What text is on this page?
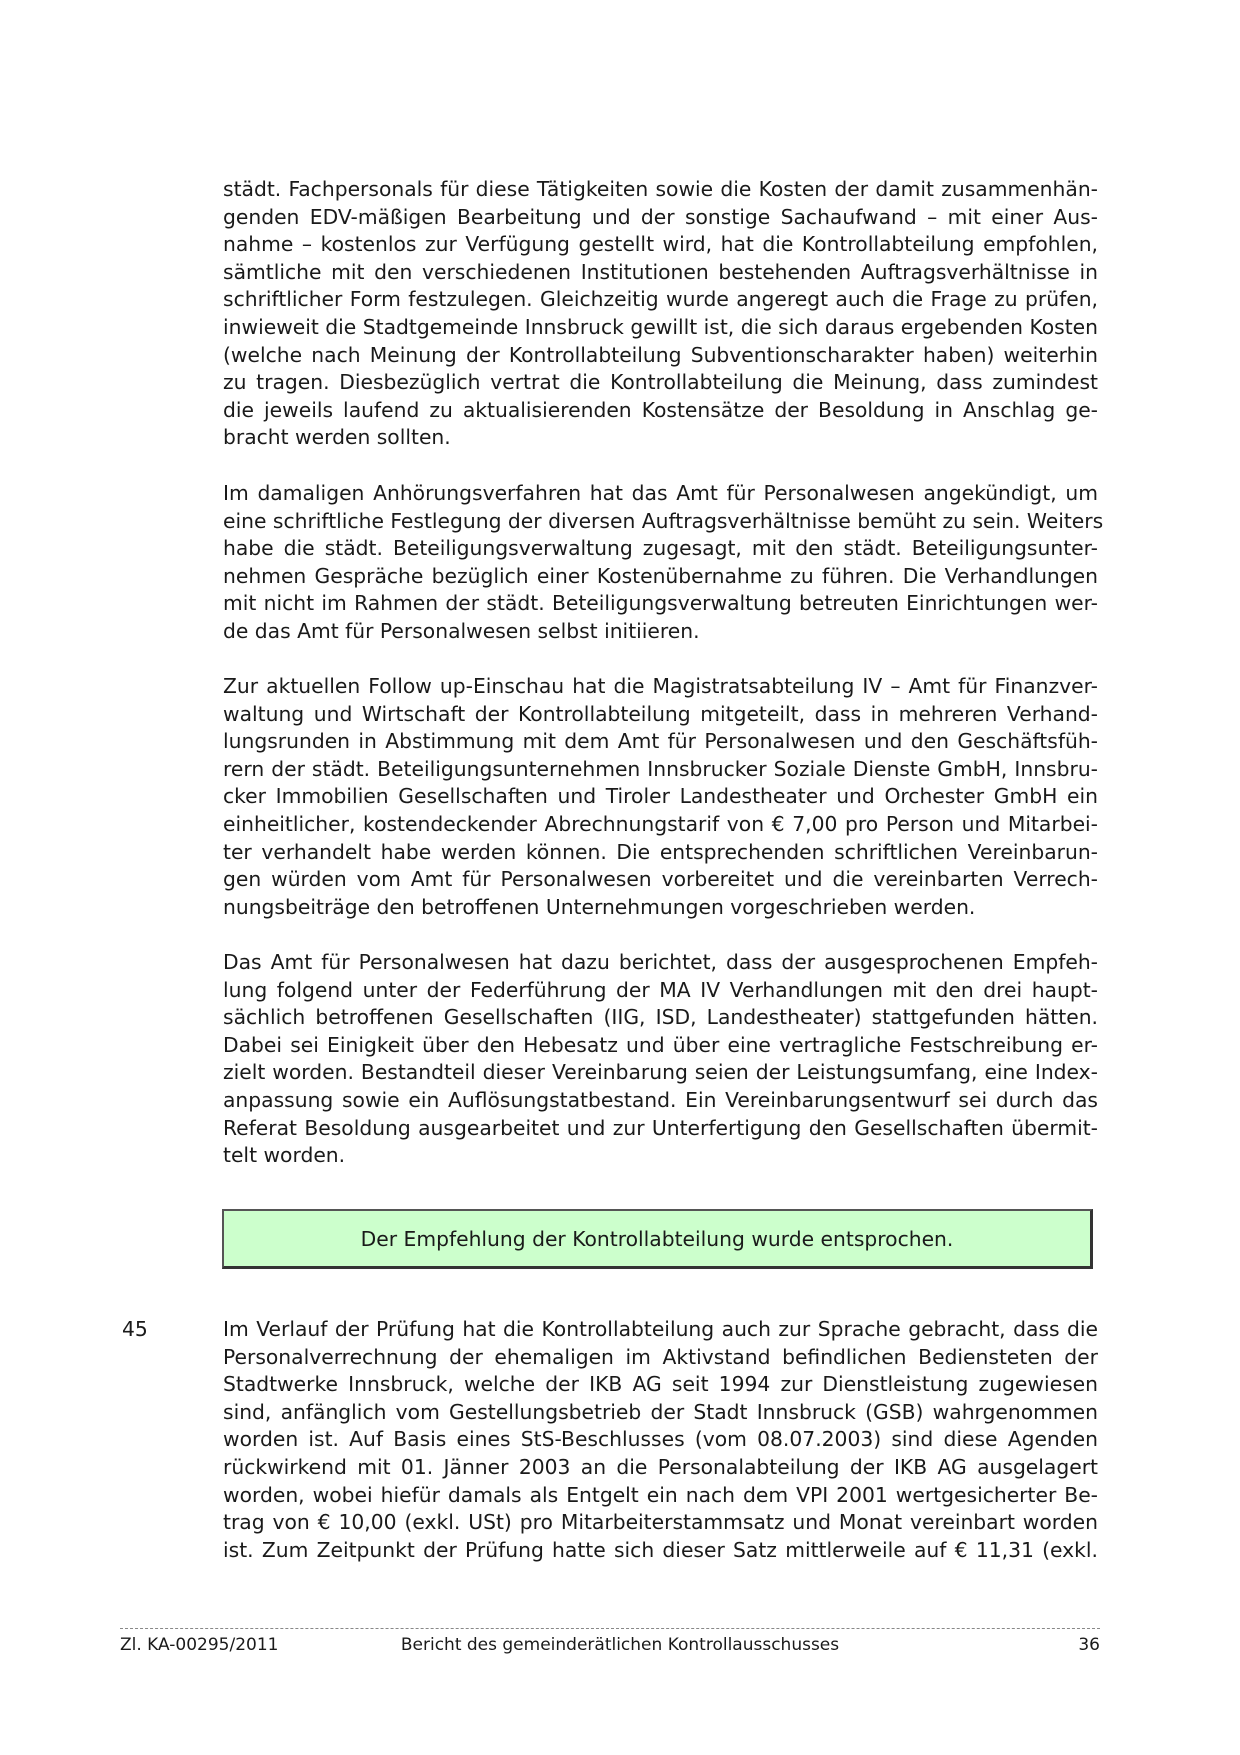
städt. Fachpersonals für diese Tätigkeiten sowie die Kosten der damit zusammenhän-
genden EDV-mäßigen Bearbeitung und der sonstige Sachaufwand – mit einer Aus-
nahme – kostenlos zur Verfügung gestellt wird, hat die Kontrollabteilung empfohlen,
sämtliche mit den verschiedenen Institutionen bestehenden Auftragsverhältnisse in
schriftlicher Form festzulegen. Gleichzeitig wurde angeregt auch die Frage zu prüfen,
inwieweit die Stadtgemeinde Innsbruck gewillt ist, die sich daraus ergebenden Kosten
(welche nach Meinung der Kontrollabteilung Subventionscharakter haben) weiterhin
zu tragen. Diesbezüglich vertrat die Kontrollabteilung die Meinung, dass zumindest
die jeweils laufend zu aktualisierenden Kostensätze der Besoldung in Anschlag ge-
bracht werden sollten.
Im damaligen Anhörungsverfahren hat das Amt für Personalwesen angekündigt, um
eine schriftliche Festlegung der diversen Auftragsverhältnisse bemüht zu sein. Weiters
habe die städt. Beteiligungsverwaltung zugesagt, mit den städt. Beteiligungsunter-
nehmen Gespräche bezüglich einer Kostenübernahme zu führen. Die Verhandlungen
mit nicht im Rahmen der städt. Beteiligungsverwaltung betreuten Einrichtungen wer-
de das Amt für Personalwesen selbst initiieren.
Zur aktuellen Follow up-Einschau hat die Magistratsabteilung IV – Amt für Finanzver-
waltung und Wirtschaft der Kontrollabteilung mitgeteilt, dass in mehreren Verhand-
lungsrunden in Abstimmung mit dem Amt für Personalwesen und den Geschäftsfüh-
rern der städt. Beteiligungsunternehmen Innsbrucker Soziale Dienste GmbH, Innsbru-
cker Immobilien Gesellschaften und Tiroler Landestheater und Orchester GmbH ein
einheitlicher, kostendeckender Abrechnungstarif von € 7,00 pro Person und Mitarbei-
ter verhandelt habe werden können. Die entsprechenden schriftlichen Vereinbarun-
gen würden vom Amt für Personalwesen vorbereitet und die vereinbarten Verrech-
nungsbeiträge den betroffenen Unternehmungen vorgeschrieben werden.
Das Amt für Personalwesen hat dazu berichtet, dass der ausgesprochenen Empfeh-
lung folgend unter der Federführung der MA IV Verhandlungen mit den drei haupt-
sächlich betroffenen Gesellschaften (IIG, ISD, Landestheater) stattgefunden hätten.
Dabei sei Einigkeit über den Hebesatz und über eine vertragliche Festschreibung er-
zielt worden. Bestandteil dieser Vereinbarung seien der Leistungsumfang, eine Index-
anpassung sowie ein Auflösungstatbestand. Ein Vereinbarungsentwurf sei durch das
Referat Besoldung ausgearbeitet und zur Unterfertigung den Gesellschaften übermit-
telt worden.
Der Empfehlung der Kontrollabteilung wurde entsprochen.
45	Im Verlauf der Prüfung hat die Kontrollabteilung auch zur Sprache gebracht, dass die
Personalverrechnung der ehemaligen im Aktivstand befindlichen Bediensteten der
Stadtwerke Innsbruck, welche der IKB AG seit 1994 zur Dienstleistung zugewiesen
sind, anfänglich vom Gestellungsbetrieb der Stadt Innsbruck (GSB) wahrgenommen
worden ist. Auf Basis eines StS-Beschlusses (vom 08.07.2003) sind diese Agenden
rückwirkend mit 01. Jänner 2003 an die Personalabteilung der IKB AG ausgelagert
worden, wobei hiefür damals als Entgelt ein nach dem VPI 2001 wertgesicherter Be-
trag von € 10,00 (exkl. USt) pro Mitarbeiterstammsatz und Monat vereinbart worden
ist. Zum Zeitpunkt der Prüfung hatte sich dieser Satz mittlerweile auf € 11,31 (exkl.
Zl. KA-00295/2011	Bericht des gemeinderätlichen Kontrollausschusses	36
